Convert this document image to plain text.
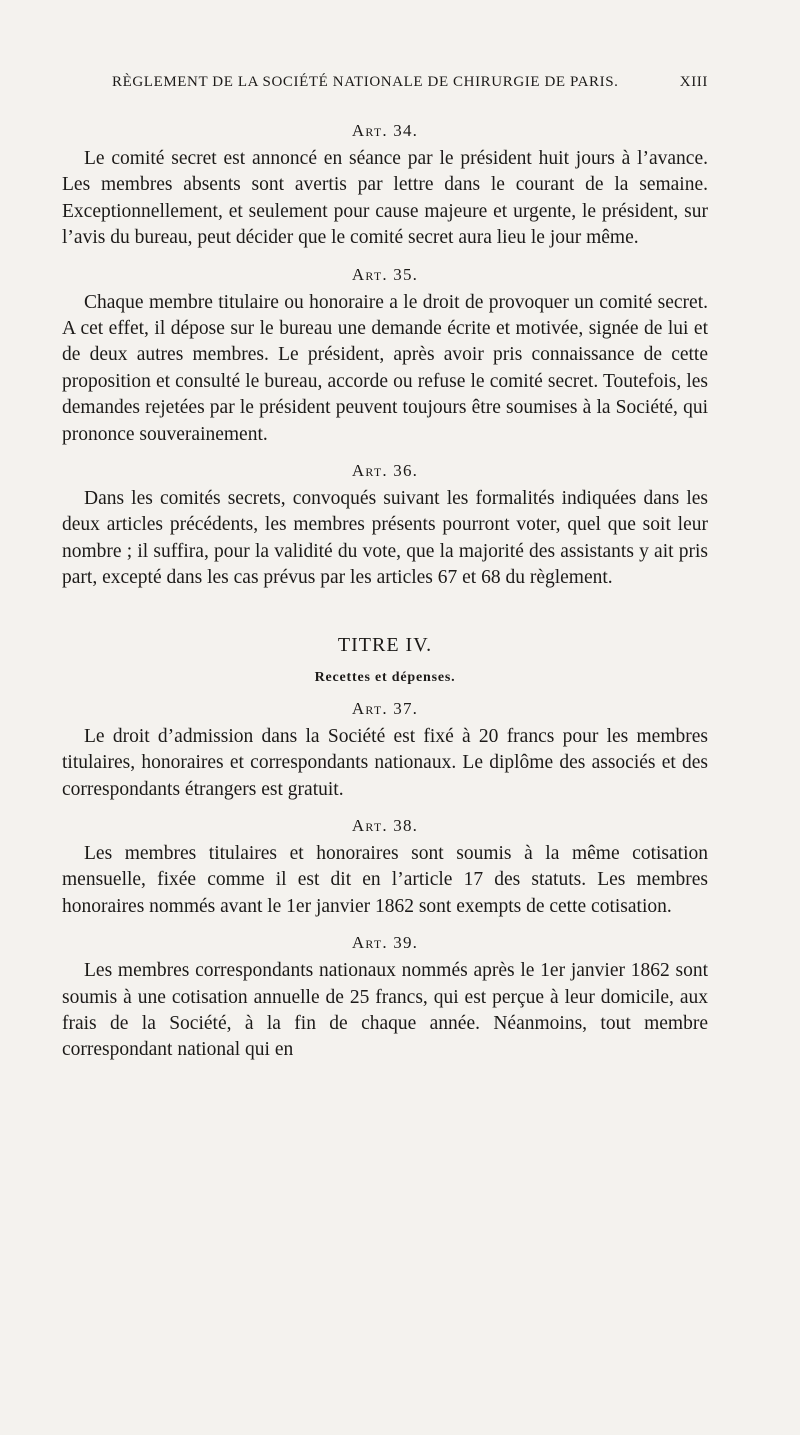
RÈGLEMENT DE LA SOCIÉTÉ NATIONALE DE CHIRURGIE DE PARIS.	XIII
Art. 34.

Le comité secret est annoncé en séance par le président huit jours à l’avance. Les membres absents sont avertis par lettre dans le courant de la semaine. Exceptionnellement, et seulement pour cause majeure et urgente, le président, sur l’avis du bureau, peut décider que le comité secret aura lieu le jour même.

Art. 35.

Chaque membre titulaire ou honoraire a le droit de provoquer un comité secret. A cet effet, il dépose sur le bureau une demande écrite et motivée, signée de lui et de deux autres membres. Le président, après avoir pris connaissance de cette proposition et consulté le bureau, accorde ou refuse le comité secret. Toutefois, les demandes rejetées par le président peuvent toujours être soumises à la Société, qui prononce souverainement.

Art. 36.

Dans les comités secrets, convoqués suivant les formalités indiquées dans les deux articles précédents, les membres présents pourront voter, quel que soit leur nombre ; il suffira, pour la validité du vote, que la majorité des assistants y ait pris part, excepté dans les cas prévus par les articles 67 et 68 du règlement.

TITRE IV.
Recettes et dépenses.
Art. 37.

Le droit d’admission dans la Société est fixé à 20 francs pour les membres titulaires, honoraires et correspondants nationaux. Le diplôme des associés et des correspondants étrangers est gratuit.

Art. 38.

Les membres titulaires et honoraires sont soumis à la même cotisation mensuelle, fixée comme il est dit en l’article 17 des statuts. Les membres honoraires nommés avant le 1er janvier 1862 sont exempts de cette cotisation.

Art. 39.

Les membres correspondants nationaux nommés après le 1er janvier 1862 sont soumis à une cotisation annuelle de 25 francs, qui est perçue à leur domicile, aux frais de la Société, à la fin de chaque année. Néanmoins, tout membre correspondant national qui en
